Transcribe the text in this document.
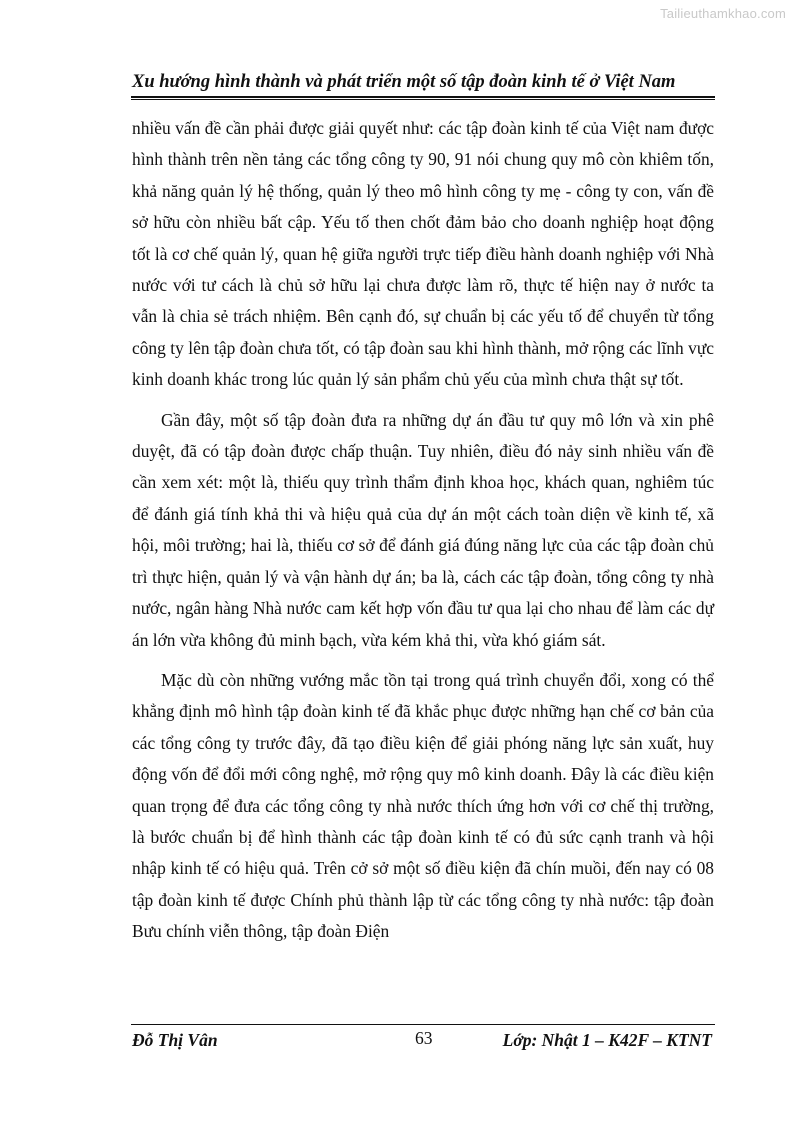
Tailieuthamkhao.com
Xu hướng hình thành và phát triển một số tập đoàn kinh tế ở Việt Nam

nhiều vấn đề cần phải được giải quyết như: các tập đoàn kinh tế của Việt nam được hình thành trên nền tảng các tổng công ty 90, 91 nói chung quy mô còn khiêm tốn, khả năng quản lý hệ thống, quản lý theo mô hình công ty mẹ - công ty con, vấn đề sở hữu còn nhiều bất cập. Yếu tố then chốt đảm bảo cho doanh nghiệp hoạt động tốt là cơ chế quản lý, quan hệ giữa người trực tiếp điều hành doanh nghiệp với Nhà nước với tư cách là chủ sở hữu lại chưa được làm rõ, thực tế hiện nay ở nước ta vẫn là chia sẻ trách nhiệm. Bên cạnh đó, sự chuẩn bị các yếu tố để chuyển từ tổng công ty lên tập đoàn chưa tốt, có tập đoàn sau khi hình thành, mở rộng các lĩnh vực kinh doanh khác trong lúc quản lý sản phẩm chủ yếu của mình chưa thật sự tốt.

Gần đây, một số tập đoàn đưa ra những dự án đầu tư quy mô lớn và xin phê duyệt, đã có tập đoàn được chấp thuận. Tuy nhiên, điều đó nảy sinh nhiều vấn đề cần xem xét: một là, thiếu quy trình thẩm định khoa học, khách quan, nghiêm túc để đánh giá tính khả thi và hiệu quả của dự án một cách toàn diện về kinh tế, xã hội, môi trường; hai là, thiếu cơ sở để đánh giá đúng năng lực của các tập đoàn chủ trì thực hiện, quản lý và vận hành dự án; ba là, cách các tập đoàn, tổng công ty nhà nước, ngân hàng Nhà nước cam kết hợp vốn đầu tư qua lại cho nhau để làm các dự án lớn vừa không đủ minh bạch, vừa kém khả thi, vừa khó giám sát.

Mặc dù còn những vướng mắc tồn tại trong quá trình chuyển đổi, xong có thể khẳng định mô hình tập đoàn kinh tế đã khắc phục được những hạn chế cơ bản của các tổng công ty trước đây, đã tạo điều kiện để giải phóng năng lực sản xuất, huy động vốn để đổi mới công nghệ, mở rộng quy mô kinh doanh. Đây là các điều kiện quan trọng để đưa các tổng công ty nhà nước thích ứng hơn với cơ chế thị trường, là bước chuẩn bị để hình thành các tập đoàn kinh tế có đủ sức cạnh tranh và hội nhập kinh tế có hiệu quả. Trên cở sở một số điều kiện đã chín muồi, đến nay có 08 tập đoàn kinh tế được Chính phủ thành lập từ các tổng công ty nhà nước: tập đoàn Bưu chính viễn thông, tập đoàn Điện

Đỗ Thị Vân	63	Lớp: Nhật 1 – K42F – KTNT
